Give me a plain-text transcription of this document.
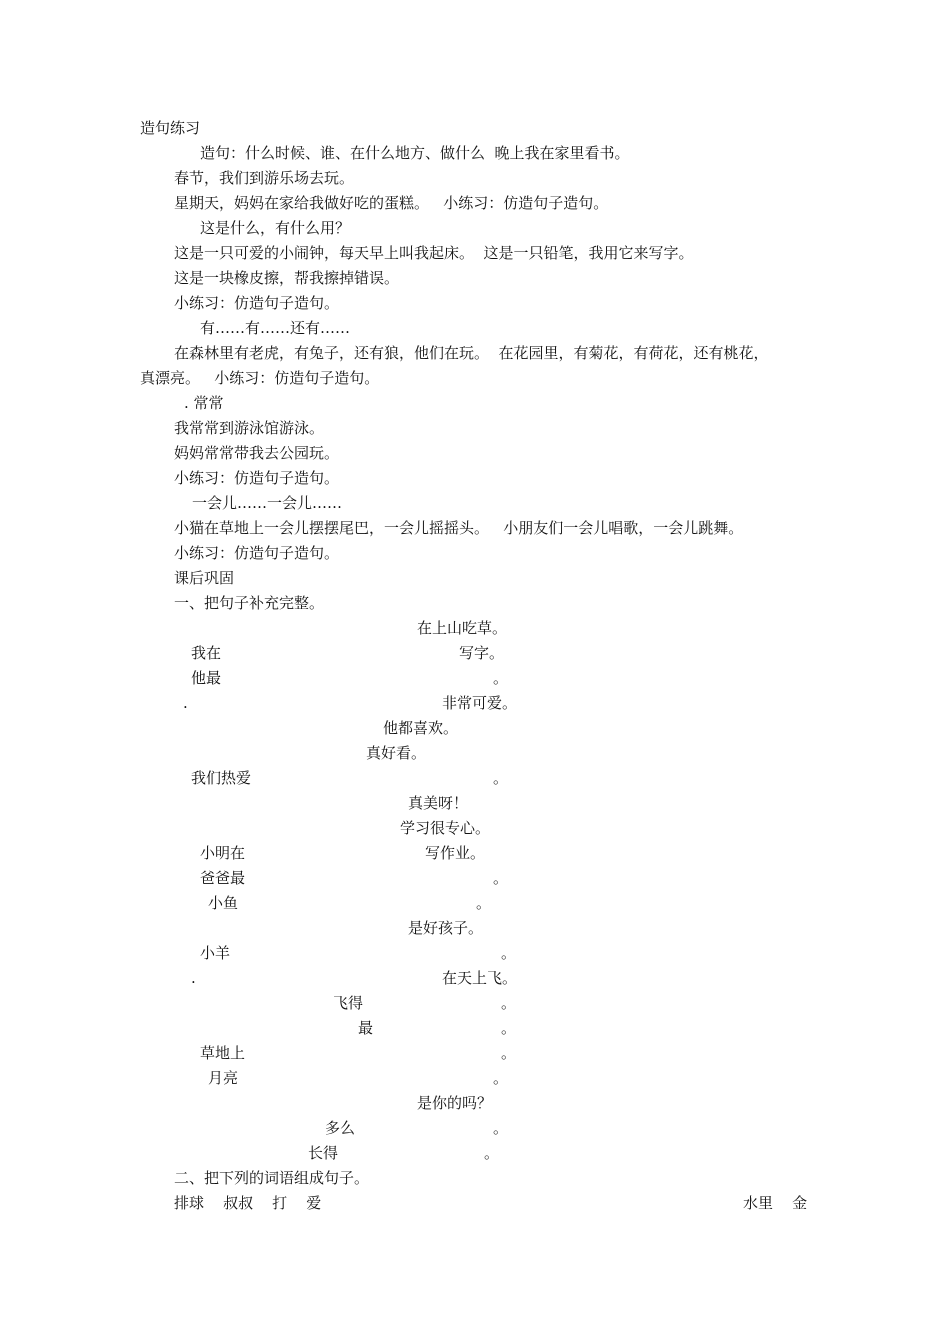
造句练习
造句：什么时候、谁、在什么地方、做什么  晚上我在家里看书。
春节，我们到游乐场去玩。
星期天，妈妈在家给我做好吃的蛋糕。   小练习：仿造句子造句。
这是什么，有什么用？
这是一只可爱的小闹钟，每天早上叫我起床。  这是一只铅笔，我用它来写字。
这是一块橡皮擦，帮我擦掉错误。
小练习：仿造句子造句。
有……有……还有……
在森林里有老虎，有兔子，还有狼，他们在玩。  在花园里，有菊花，有荷花，还有桃花，
真漂亮。   小练习：仿造句子造句。
. 常常
我常常到游泳馆游泳。
妈妈常常带我去公园玩。
小练习：仿造句子造句。
一会儿……一会儿……
小猫在草地上一会儿摆摆尾巴，一会儿摇摇头。   小朋友们一会儿唱歌，一会儿跳舞。
小练习：仿造句子造句。
课后巩固
一、把句子补充完整。
在上山吃草。
我在	写字。
他最	。
.	非常可爱。
他都喜欢。
真好看。
我们热爱	。
真美呀！
学习很专心。
小明在	写作业。
爸爸最	。
小鱼	。
是好孩子。
小羊	。
.	在天上飞。
飞得	。
最	。
草地上	。
月亮	。
是你的吗？
多么	。
长得	。
二、把下列的词语组成句子。
排球    叔叔    打    爱	水里    金
